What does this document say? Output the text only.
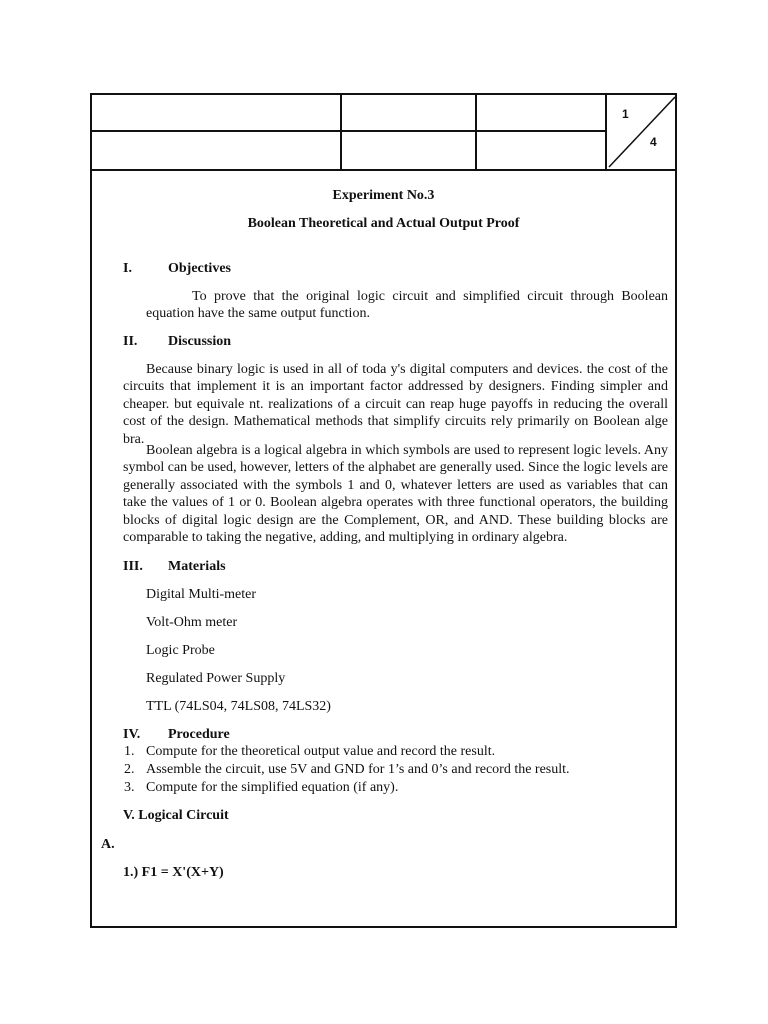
1
4
Experiment No.3
Boolean Theoretical and Actual Output Proof
I.	Objectives
To prove that the original logic circuit and simplified circuit through Boolean equation have the same output function.
II. Discussion
Because binary logic is used in all of toda y's digital computers and devices. the cost of the circuits that implement it is an important factor addressed by designers. Finding simpler and cheaper. but equivale nt. realizations of a circuit can reap huge payoffs in reducing the overall cost of the design. Mathematical methods that simplify circuits rely primarily on Boolean alge bra.
Boolean algebra is a logical algebra in which symbols are used to represent logic levels. Any symbol can be used, however, letters of the alphabet are generally used. Since the logic levels are generally associated with the symbols 1 and 0, whatever letters are used as variables that can take the values of 1 or 0. Boolean algebra operates with three functional operators, the building blocks of digital logic design are the Complement, OR, and AND. These building blocks are comparable to taking the negative, adding, and multiplying in ordinary algebra.
III. Materials
Digital Multi-meter
Volt-Ohm meter
Logic Probe
Regulated Power Supply
TTL (74LS04, 74LS08, 74LS32)
IV. Procedure
1. Compute for the theoretical output value and record the result.
2. Assemble the circuit, use 5V and GND for 1’s and 0’s and record the result.
3. Compute for the simplified equation (if any).
V. Logical Circuit
A.
1.) F1 = X'(X+Y)
